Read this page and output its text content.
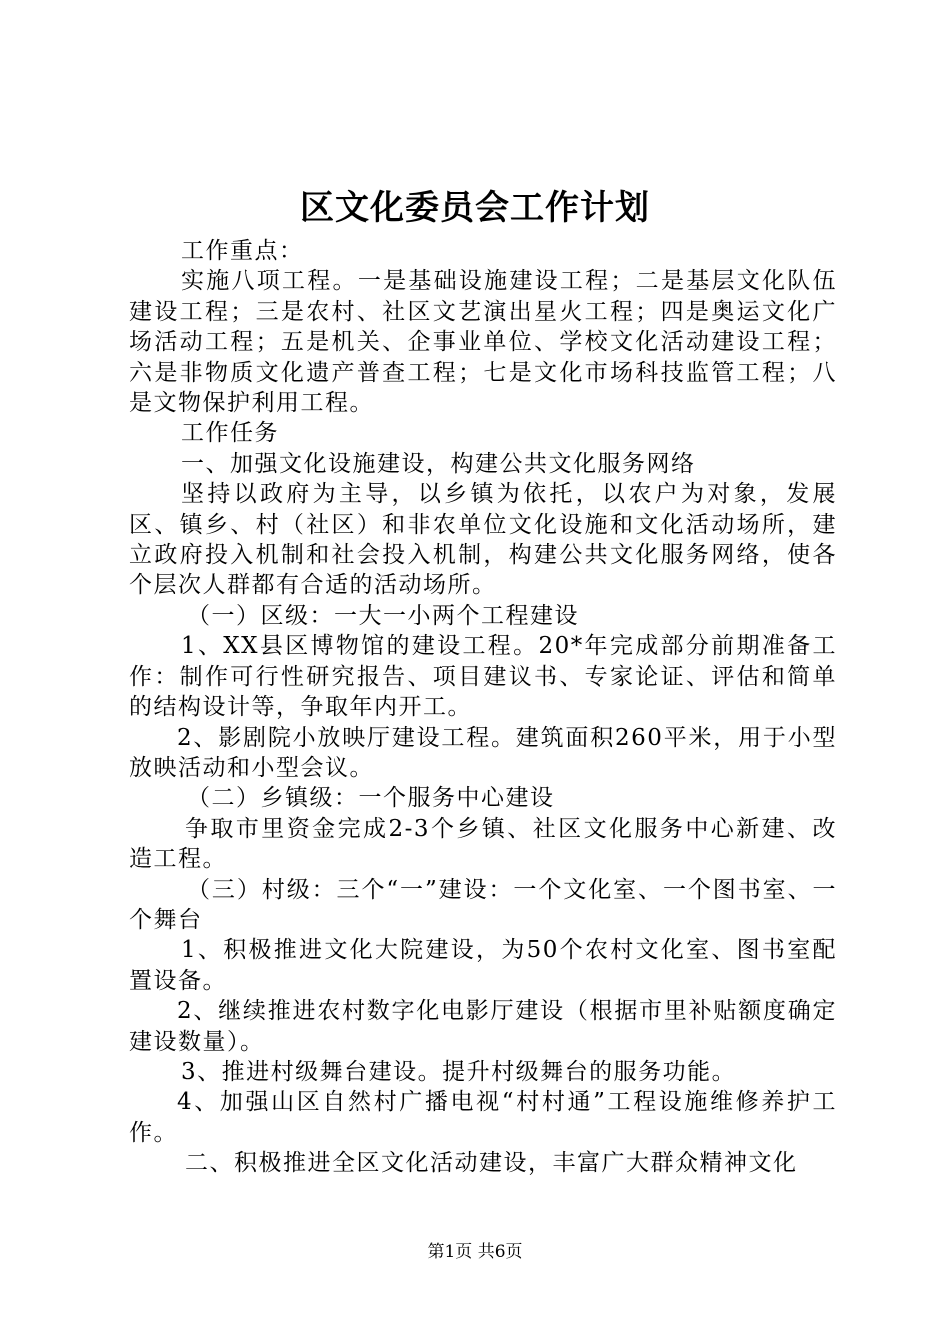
区文化委员会工作计划

工作重点：

实施八项工程。一是基础设施建设工程；二是基层文化队伍建设工程；三是农村、社区文艺演出星火工程；四是奥运文化广场活动工程；五是机关、企事业单位、学校文化活动建设工程；六是非物质文化遗产普查工程；七是文化市场科技监管工程；八是文物保护利用工程。

工作任务

一、加强文化设施建设，构建公共文化服务网络

坚持以政府为主导，以乡镇为依托，以农户为对象，发展区、镇乡、村（社区）和非农单位文化设施和文化活动场所，建立政府投入机制和社会投入机制，构建公共文化服务网络，使各个层次人群都有合适的活动场所。

（一）区级：一大一小两个工程建设

1、XX县区博物馆的建设工程。20*年完成部分前期准备工作：制作可行性研究报告、项目建议书、专家论证、评估和简单的结构设计等，争取年内开工。

2、影剧院小放映厅建设工程。建筑面积260平米，用于小型放映活动和小型会议。

（二）乡镇级：一个服务中心建设

争取市里资金完成2-3个乡镇、社区文化服务中心新建、改造工程。

（三）村级：三个“一”建设：一个文化室、一个图书室、一个舞台

1、积极推进文化大院建设，为50个农村文化室、图书室配置设备。

2、继续推进农村数字化电影厅建设（根据市里补贴额度确定建设数量）。

3、推进村级舞台建设。提升村级舞台的服务功能。

4、加强山区自然村广播电视“村村通”工程设施维修养护工作。

二、积极推进全区文化活动建设，丰富广大群众精神文化

第1页 共6页
